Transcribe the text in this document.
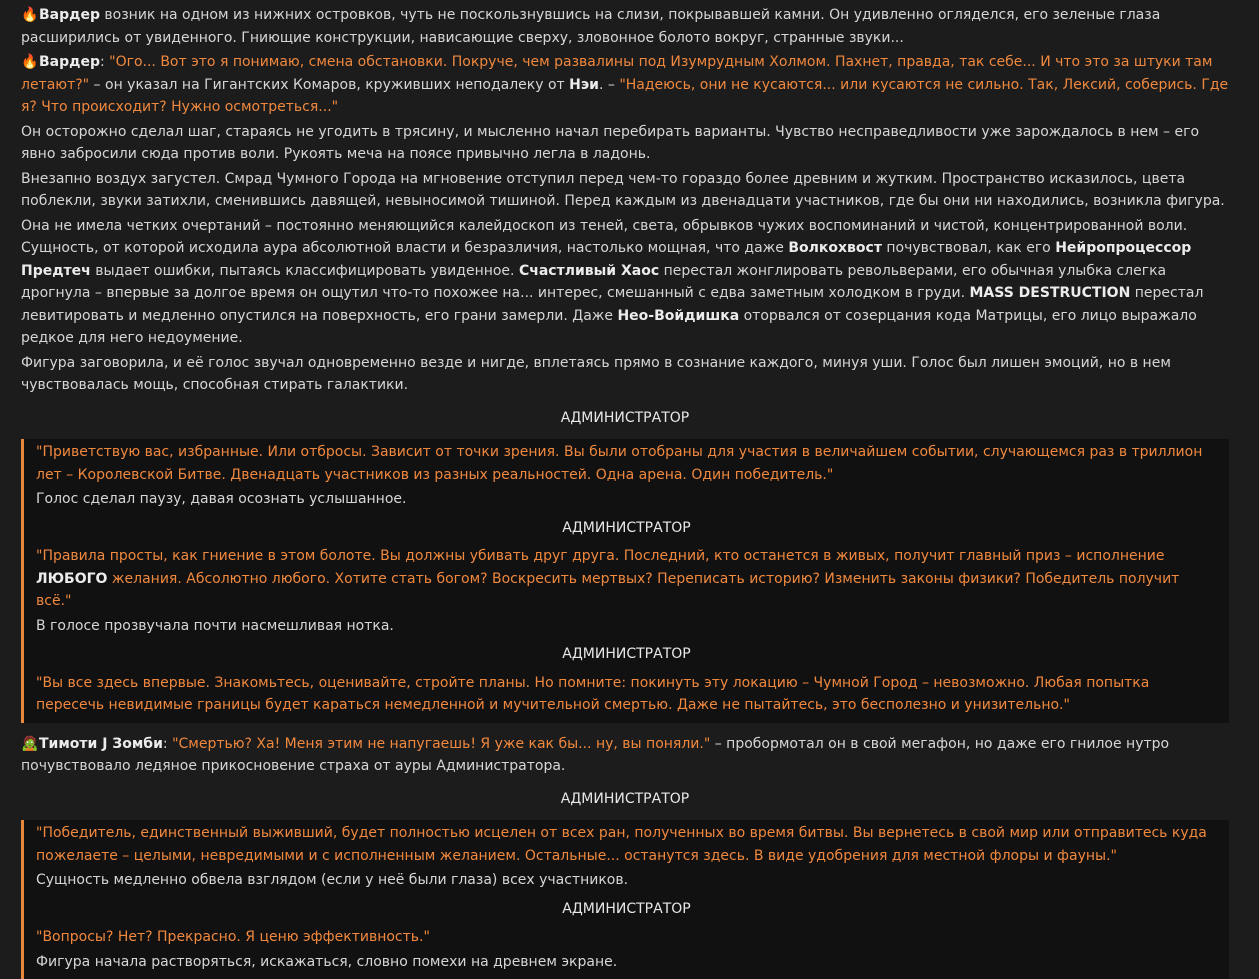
🔥Вардер возник на одном из нижних островков, чуть не поскользнувшись на слизи, покрывавшей камни. Он удивленно огляделся, его зеленые глаза расширились от увиденного. Гниющие конструкции, нависающие сверху, зловонное болото вокруг, странные звуки...

🔥Вардер: "Ого... Вот это я понимаю, смена обстановки. Покруче, чем развалины под Изумрудным Холмом. Пахнет, правда, так себе... И что это за штуки там летают?" – он указал на Гигантских Комаров, круживших неподалеку от Нэи. – "Надеюсь, они не кусаются... или кусаются не сильно. Так, Лексий, соберись. Где я? Что происходит? Нужно осмотреться..."

Он осторожно сделал шаг, стараясь не угодить в трясину, и мысленно начал перебирать варианты. Чувство несправедливости уже зарождалось в нем – его явно забросили сюда против воли. Рукоять меча на поясе привычно легла в ладонь.

Внезапно воздух загустел. Смрад Чумного Города на мгновение отступил перед чем-то гораздо более древним и жутким. Пространство исказилось, цвета поблекли, звуки затихли, сменившись давящей, невыносимой тишиной. Перед каждым из двенадцати участников, где бы они ни находились, возникла фигура.

Она не имела четких очертаний – постоянно меняющийся калейдоскоп из теней, света, обрывков чужих воспоминаний и чистой, концентрированной воли. Сущность, от которой исходила аура абсолютной власти и безразличия, настолько мощная, что даже Волкохвост почувствовал, как его Нейропроцессор Предтеч выдает ошибки, пытаясь классифицировать увиденное. Счастливый Хаос перестал жонглировать револьверами, его обычная улыбка слегка дрогнула – впервые за долгое время он ощутил что-то похожее на... интерес, смешанный с едва заметным холодком в груди. MASS DESTRUCTION перестал левитировать и медленно опустился на поверхность, его грани замерли. Даже Нео-Войдишка оторвался от созерцания кода Матрицы, его лицо выражало редкое для него недоумение.

Фигура заговорила, и её голос звучал одновременно везде и нигде, вплетаясь прямо в сознание каждого, минуя уши. Голос был лишен эмоций, но в нем чувствовалась мощь, способная стирать галактики.

АДМИНИСТРАТОР

"Приветствую вас, избранные. Или отбросы. Зависит от точки зрения. Вы были отобраны для участия в величайшем событии, случающемся раз в триллион лет – Королевской Битве. Двенадцать участников из разных реальностей. Одна арена. Один победитель."

Голос сделал паузу, давая осознать услышанное.

АДМИНИСТРАТОР

"Правила просты, как гниение в этом болоте. Вы должны убивать друг друга. Последний, кто останется в живых, получит главный приз – исполнение ЛЮБОГО желания. Абсолютно любого. Хотите стать богом? Воскресить мертвых? Переписать историю? Изменить законы физики? Победитель получит всё."

В голосе прозвучала почти насмешливая нотка.

АДМИНИСТРАТОР

"Вы все здесь впервые. Знакомьтесь, оценивайте, стройте планы. Но помните: покинуть эту локацию – Чумной Город – невозможно. Любая попытка пересечь невидимые границы будет караться немедленной и мучительной смертью. Даже не пытайтесь, это бесполезно и унизительно."

🧟Тимоти J Зомби: "Смертью? Ха! Меня этим не напугаешь! Я уже как бы... ну, вы поняли." – пробормотал он в свой мегафон, но даже его гнилое нутро почувствовало ледяное прикосновение страха от ауры Администратора.

АДМИНИСТРАТОР

"Победитель, единственный выживший, будет полностью исцелен от всех ран, полученных во время битвы. Вы вернетесь в свой мир или отправитесь куда пожелаете – целыми, невредимыми и с исполненным желанием. Остальные... останутся здесь. В виде удобрения для местной флоры и фауны."

Сущность медленно обвела взглядом (если у неё были глаза) всех участников.

АДМИНИСТРАТОР

"Вопросы? Нет? Прекрасно. Я ценю эффективность."

Фигура начала растворяться, искажаться, словно помехи на древнем экране.
